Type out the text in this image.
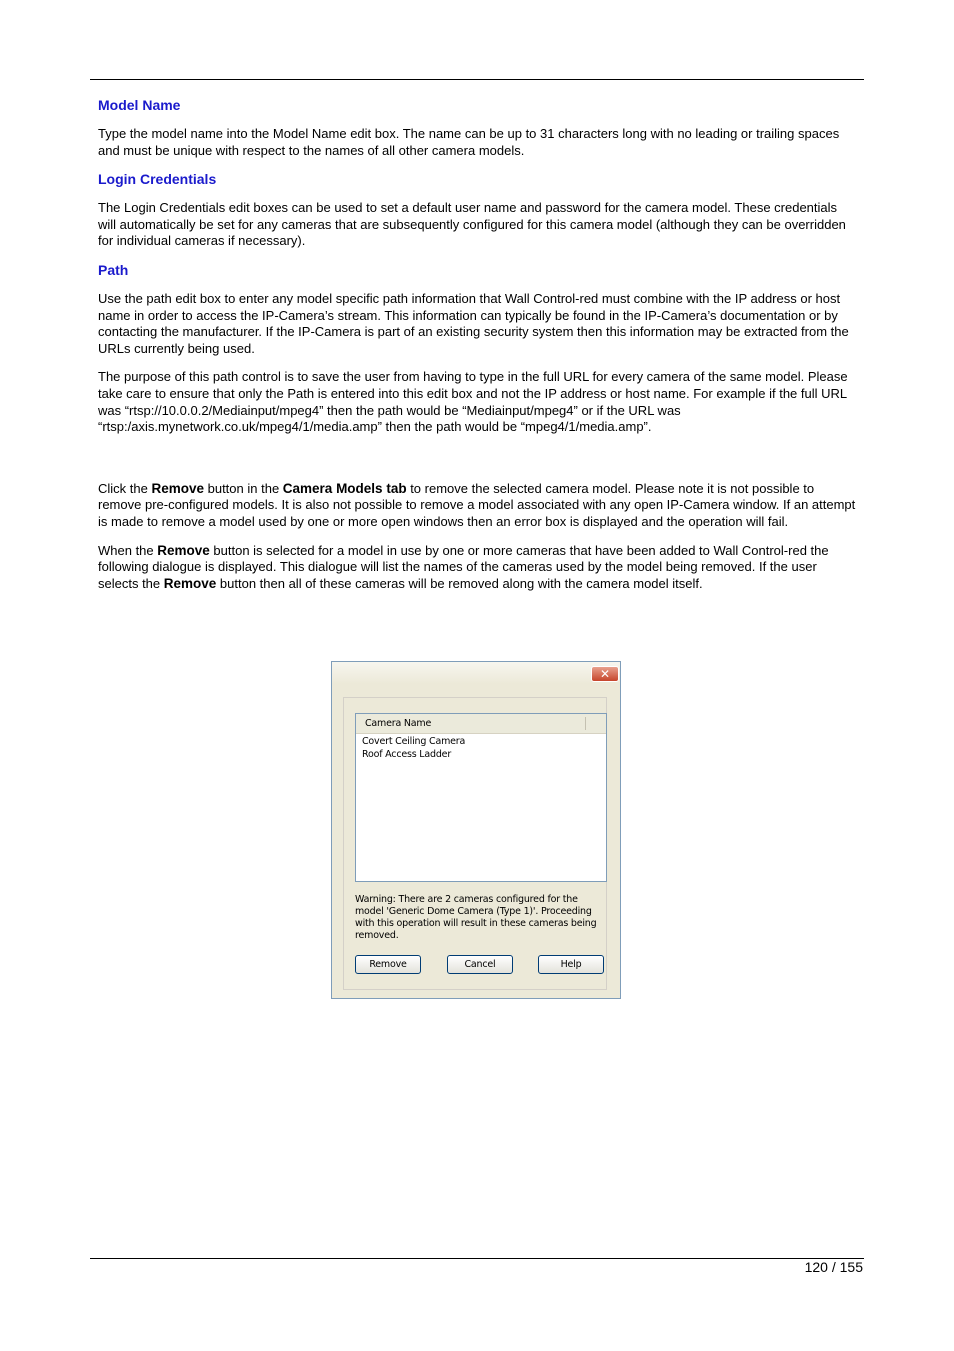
Model Name

Type the model name into the Model Name edit box. The name can be up to 31 characters long with no leading or trailing spaces and must be unique with respect to the names of all other camera models.

Login Credentials

The Login Credentials edit boxes can be used to set a default user name and password for the camera model. These credentials will automatically be set for any cameras that are subsequently configured for this camera model (although they can be overridden for individual cameras if necessary).

Path

Use the path edit box to enter any model specific path information that Wall Control-red must combine with the IP address or host name in order to access the IP-Camera’s stream. This information can typically be found in the IP-Camera’s documentation or by contacting the manufacturer. If the IP-Camera is part of an existing security system then this information may be extracted from the URLs currently being used.

The purpose of this path control is to save the user from having to type in the full URL for every camera of the same model. Please take care to ensure that only the Path is entered into this edit box and not the IP address or host name. For example if the full URL was “rtsp://10.0.0.2/Mediainput/mpeg4” then the path would be “Mediainput/mpeg4” or if the URL was “rtsp:/axis.mynetwork.co.uk/mpeg4/1/media.amp” then the path would be “mpeg4/1/media.amp”.

Click the Remove button in the Camera Models tab to remove the selected camera model. Please note it is not possible to remove pre-configured models. It is also not possible to remove a model associated with any open IP-Camera window. If an attempt is made to remove a model used by one or more open windows then an error box is displayed and the operation will fail.

When the Remove button is selected for a model in use by one or more cameras that have been added to Wall Control-red the following dialogue is displayed. This dialogue will list the names of the cameras used by the model being removed. If the user selects the Remove button then all of these cameras will be removed along with the camera model itself.

✕
Camera Name
Covert Ceiling Camera
Roof Access Ladder
Warning: There are 2 cameras configured for the model 'Generic Dome Camera (Type 1)'. Proceeding with this operation will result in these cameras being removed.
Remove	Cancel	Help
120 / 155
